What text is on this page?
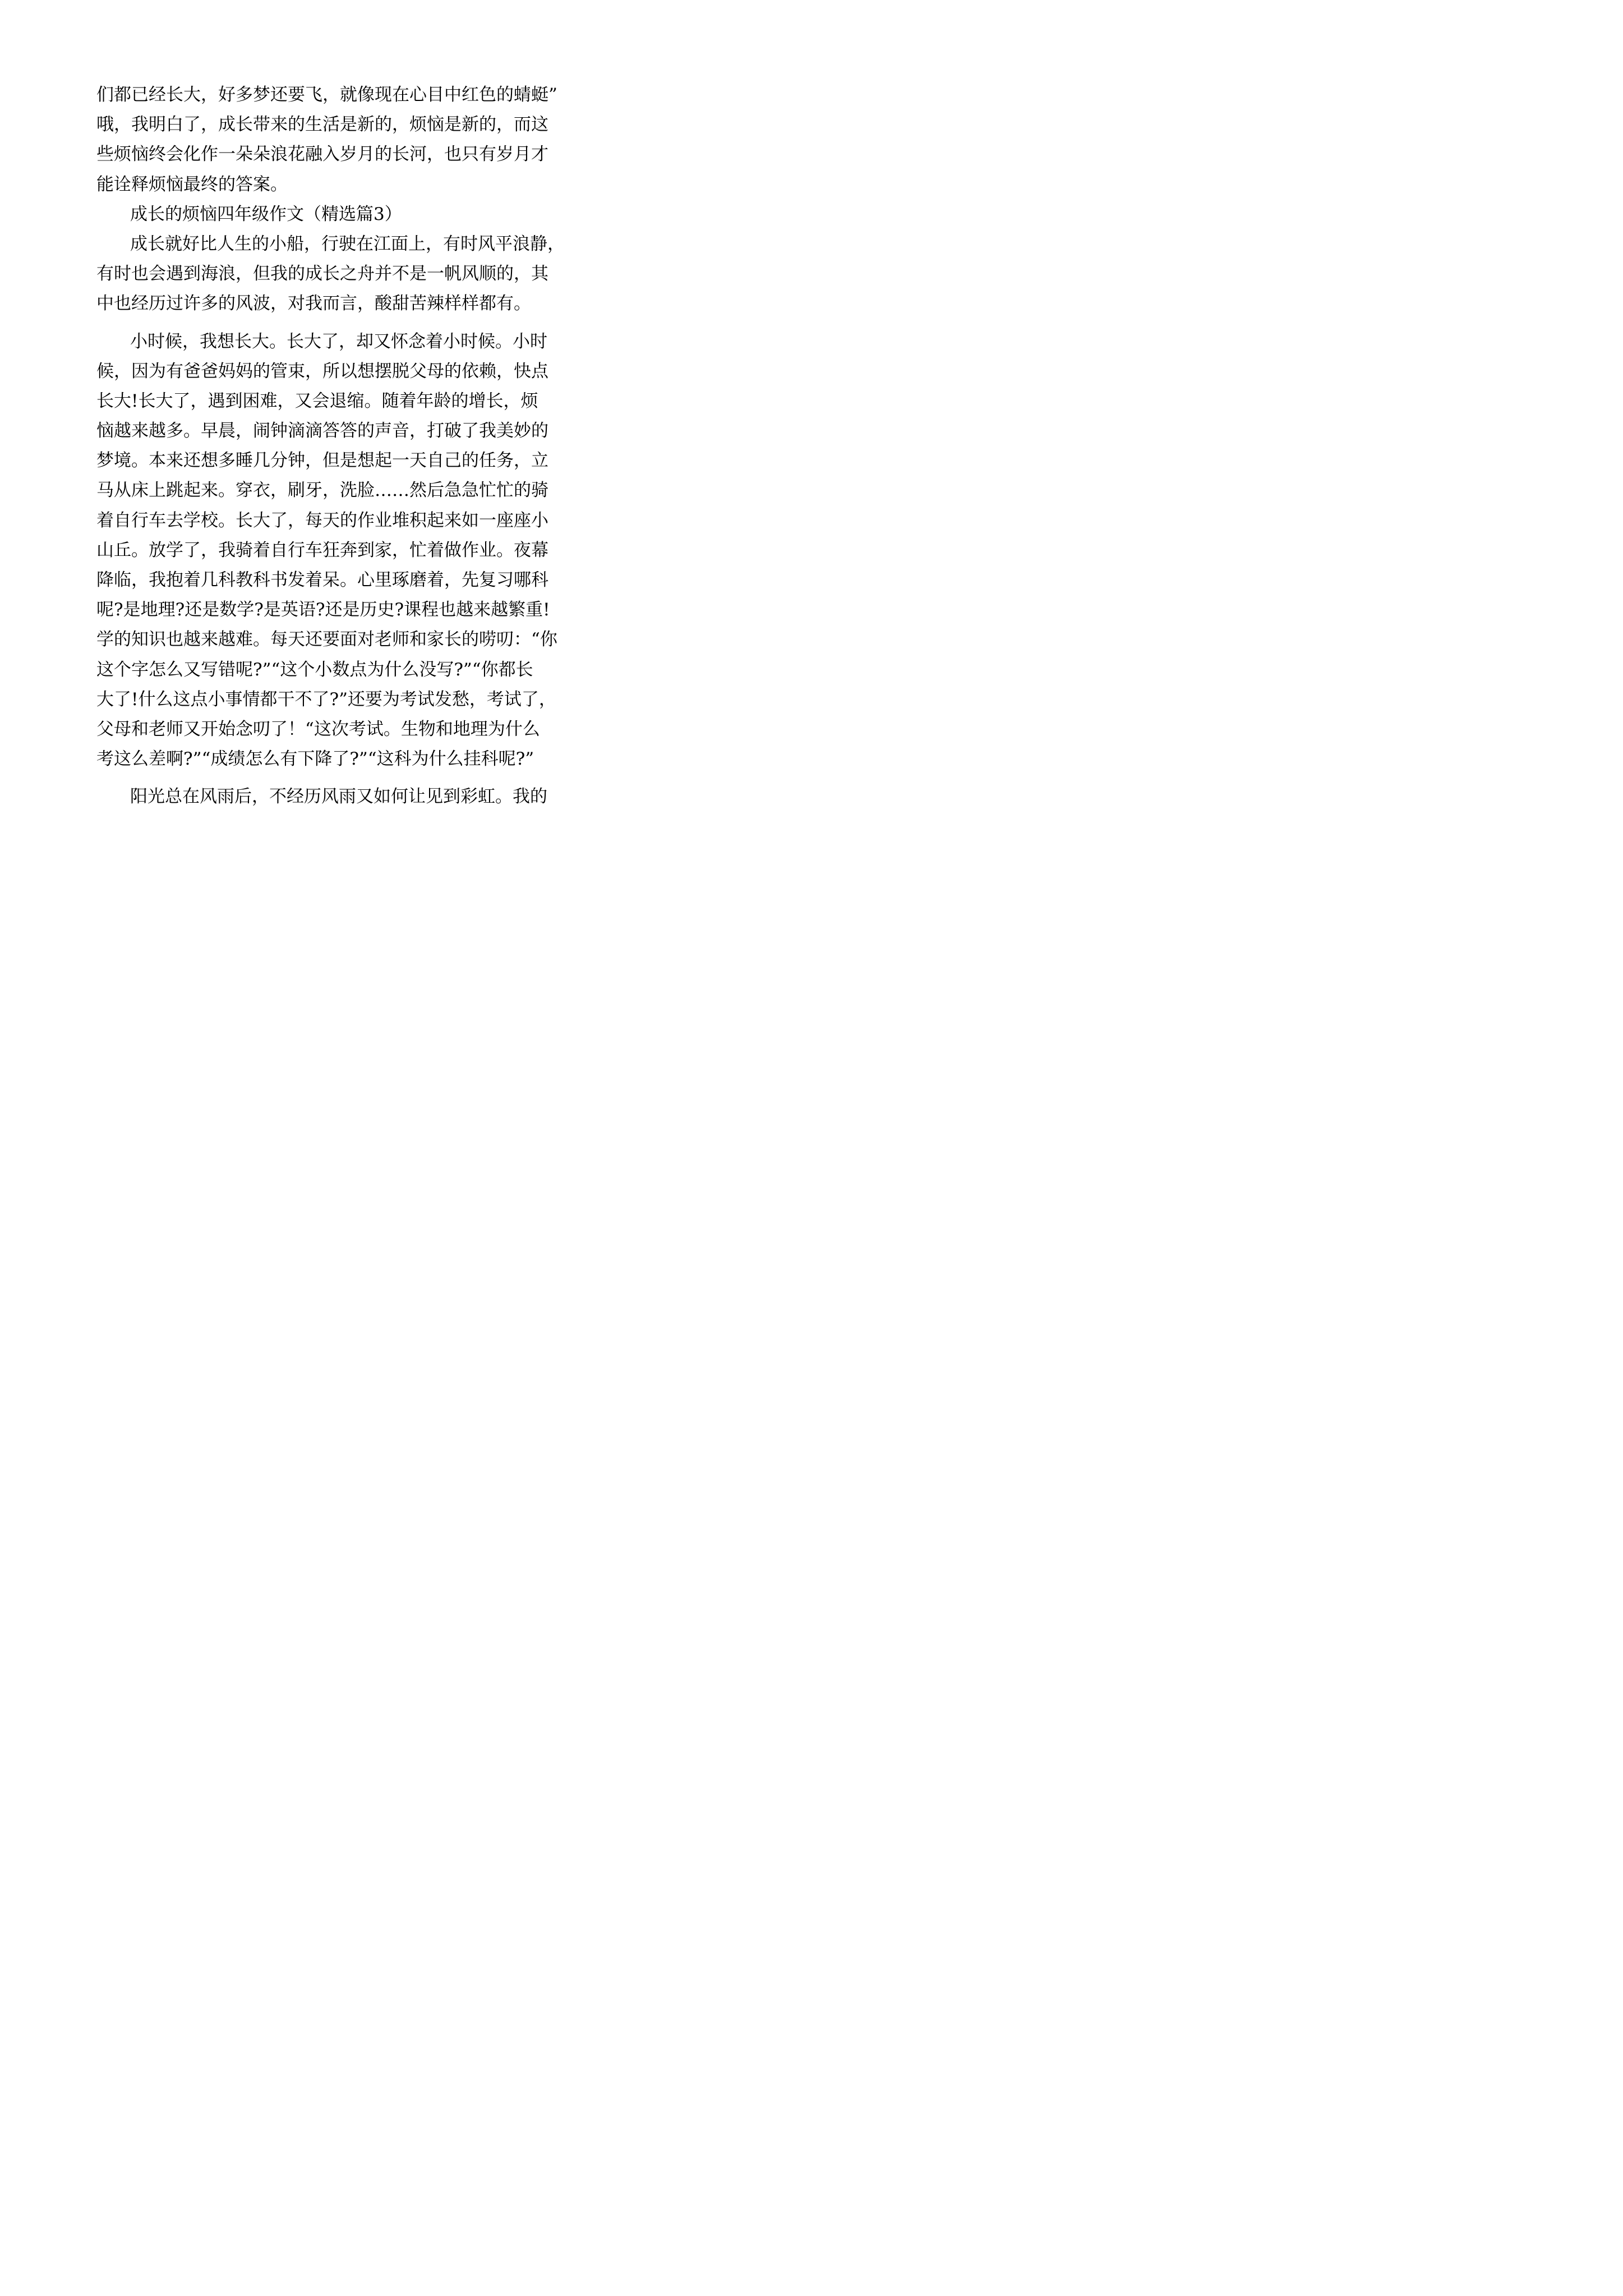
们都已经长大，好多梦还要飞，就像现在心目中红色的蜻蜓”
哦，我明白了，成长带来的生活是新的，烦恼是新的，而这
些烦恼终会化作一朵朵浪花融入岁月的长河，也只有岁月才
能诠释烦恼最终的答案。
成长的烦恼四年级作文（精选篇3）
成长就好比人生的小船，行驶在江面上，有时风平浪静，
有时也会遇到海浪，但我的成长之舟并不是一帆风顺的，其
中也经历过许多的风波，对我而言，酸甜苦辣样样都有。
小时候，我想长大。长大了，却又怀念着小时候。小时
候，因为有爸爸妈妈的管束，所以想摆脱父母的依赖，快点
长大!长大了，遇到困难，又会退缩。随着年龄的增长，烦
恼越来越多。早晨，闹钟滴滴答答的声音，打破了我美妙的
梦境。本来还想多睡几分钟，但是想起一天自己的任务，立
马从床上跳起来。穿衣，刷牙，洗脸……然后急急忙忙的骑
着自行车去学校。长大了，每天的作业堆积起来如一座座小
山丘。放学了，我骑着自行车狂奔到家，忙着做作业。夜幕
降临，我抱着几科教科书发着呆。心里琢磨着，先复习哪科
呢?是地理?还是数学?是英语?还是历史?课程也越来越繁重!
学的知识也越来越难。每天还要面对老师和家长的唠叨：“你
这个字怎么又写错呢?”“这个小数点为什么没写?”“你都长
大了!什么这点小事情都干不了?”还要为考试发愁，考试了，
父母和老师又开始念叨了！“这次考试。生物和地理为什么
考这么差啊?”“成绩怎么有下降了?”“这科为什么挂科呢?”
阳光总在风雨后，不经历风雨又如何让见到彩虹。我的
